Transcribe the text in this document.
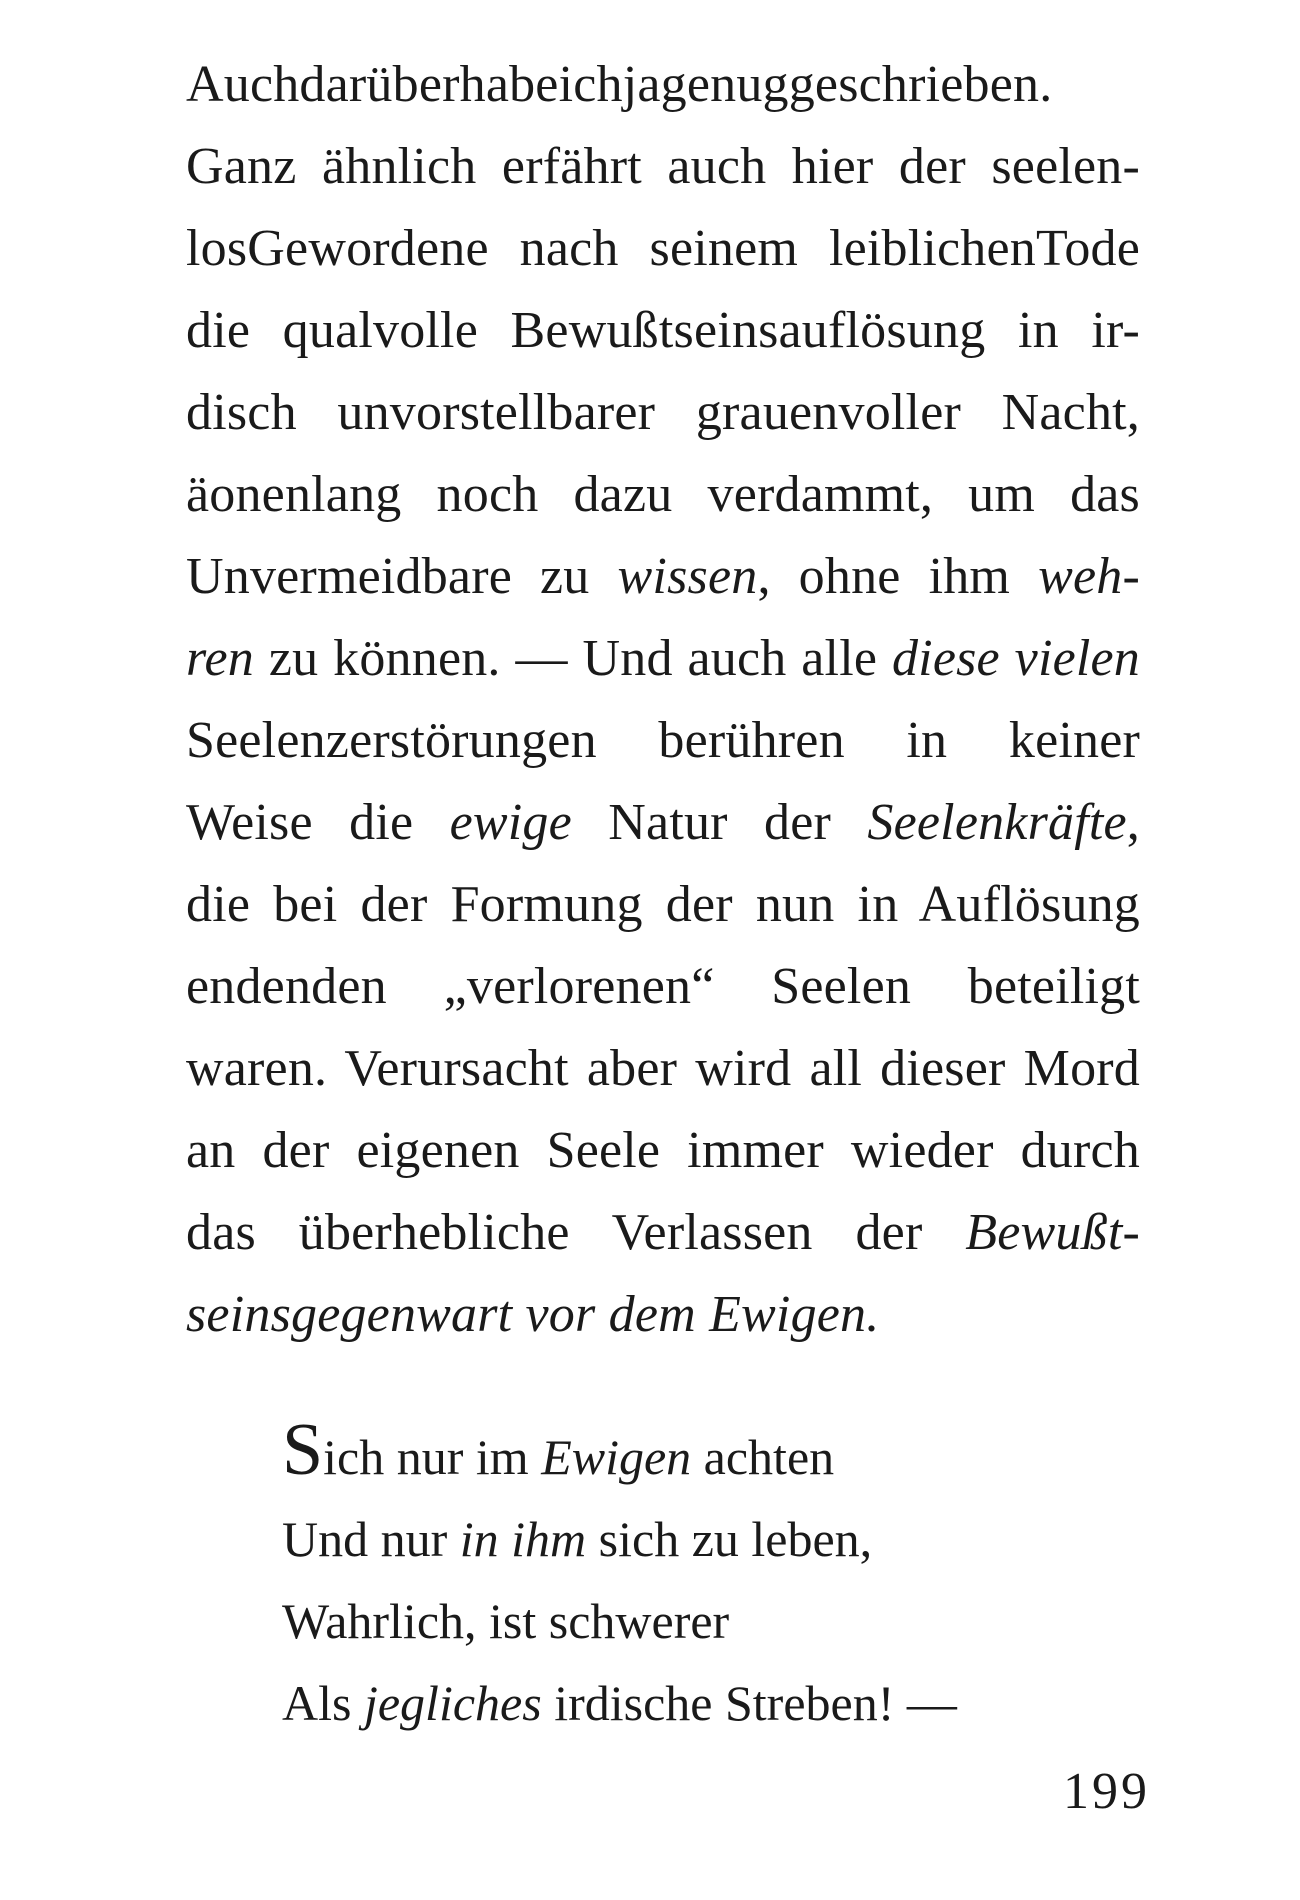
Auchdarüberhabeichjagenuggeschrieben.
Ganz ähnlich erfährt auch hier der seelen-
losGewordene nach seinem leiblichenTode
die qualvolle Bewußtseinsauflösung in ir-
disch unvorstellbarer grauenvoller Nacht,
äonenlang noch dazu verdammt, um das
Unvermeidbare zu wissen, ohne ihm weh-
ren zu können. — Und auch alle diese vielen
Seelenzerstörungen berühren in keiner
Weise die ewige Natur der Seelenkräfte,
die bei der Formung der nun in Auflösung
endenden „verlorenen“ Seelen beteiligt
waren. Verursacht aber wird all dieser Mord
an der eigenen Seele immer wieder durch
das überhebliche Verlassen der Bewußt-
seinsgegenwart vor dem Ewigen.
Sich nur im Ewigen achten
Und nur in ihm sich zu leben,
Wahrlich, ist schwerer
Als jegliches irdische Streben! —
199
